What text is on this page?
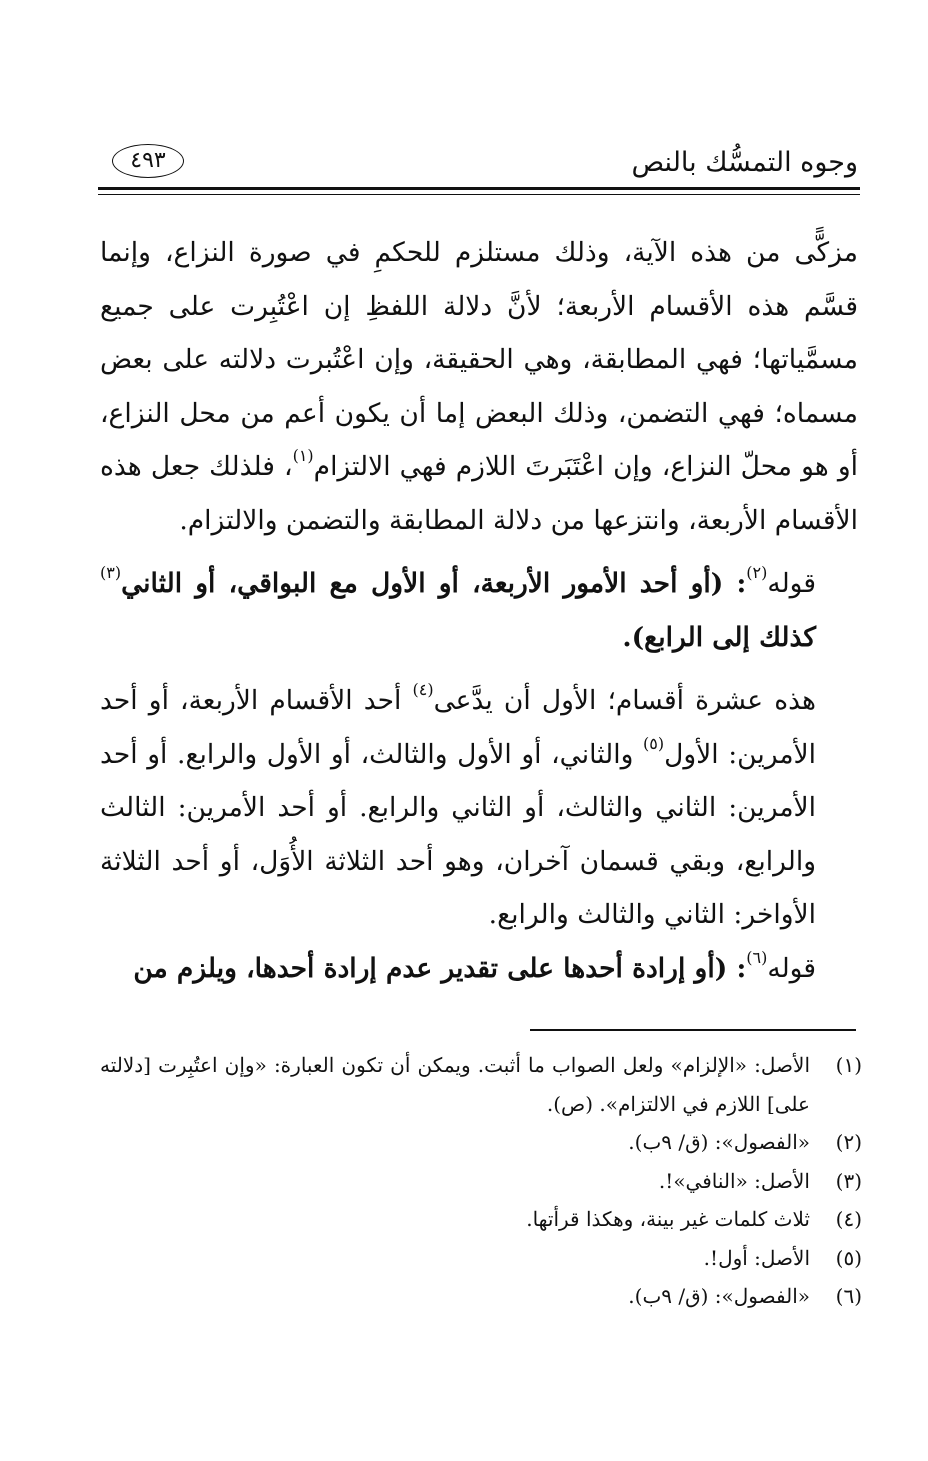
وجوه التمسُّك بالنص
٤٩٣

مزكًّى من هذه الآية، وذلك مستلزم للحكمِ في صورة النزاع، وإنما قسَّم هذه الأقسام الأربعة؛ لأنَّ دلالة اللفظِ إن اعْتُبِرت على جميع مسمَّياتها؛ فهي المطابقة، وهي الحقيقة، وإن اعْتُبرت دلالته على بعض مسماه؛ فهي التضمن، وذلك البعض إما أن يكون أعم من محل النزاع، أو هو محلّ النزاع، وإن اعْتَبَرتَ اللازم فهي الالتزام$^{(١)}$، فلذلك جعل هذه الأقسام الأربعة، وانتزعها من دلالة المطابقة والتضمن والالتزام.

قوله$^{(٢)}$: (أو أحد الأمور الأربعة، أو الأول مع البواقي، أو الثاني$^{(٣)}$ كذلك إلى الرابع).

هذه عشرة أقسام؛ الأول أن يدَّعى$^{(٤)}$ أحد الأقسام الأربعة، أو أحد الأمرين: الأول$^{(٥)}$ والثاني، أو الأول والثالث، أو الأول والرابع. أو أحد الأمرين: الثاني والثالث، أو الثاني والرابع. أو أحد الأمرين: الثالث والرابع، وبقي قسمان آخران، وهو أحد الثلاثة الأُوَل، أو أحد الثلاثة الأواخر: الثاني والثالث والرابع.

قوله$^{(٦)}$: (أو إرادة أحدها على تقدير عدم إرادة أحدها، ويلزم من

(١)
الأصل: «الإلزام» ولعل الصواب ما أثبت. ويمكن أن تكون العبارة: «وإن اعتُبِرت [دلالته على] اللازم في الالتزام». (ص).
(٢)
«الفصول»: (ق/ ٩ب).
(٣)
الأصل: «النافي»!.
(٤)
ثلاث كلمات غير بينة، وهكذا قرأتها.
(٥)
الأصل: أول!.
(٦)
«الفصول»: (ق/ ٩ب).
